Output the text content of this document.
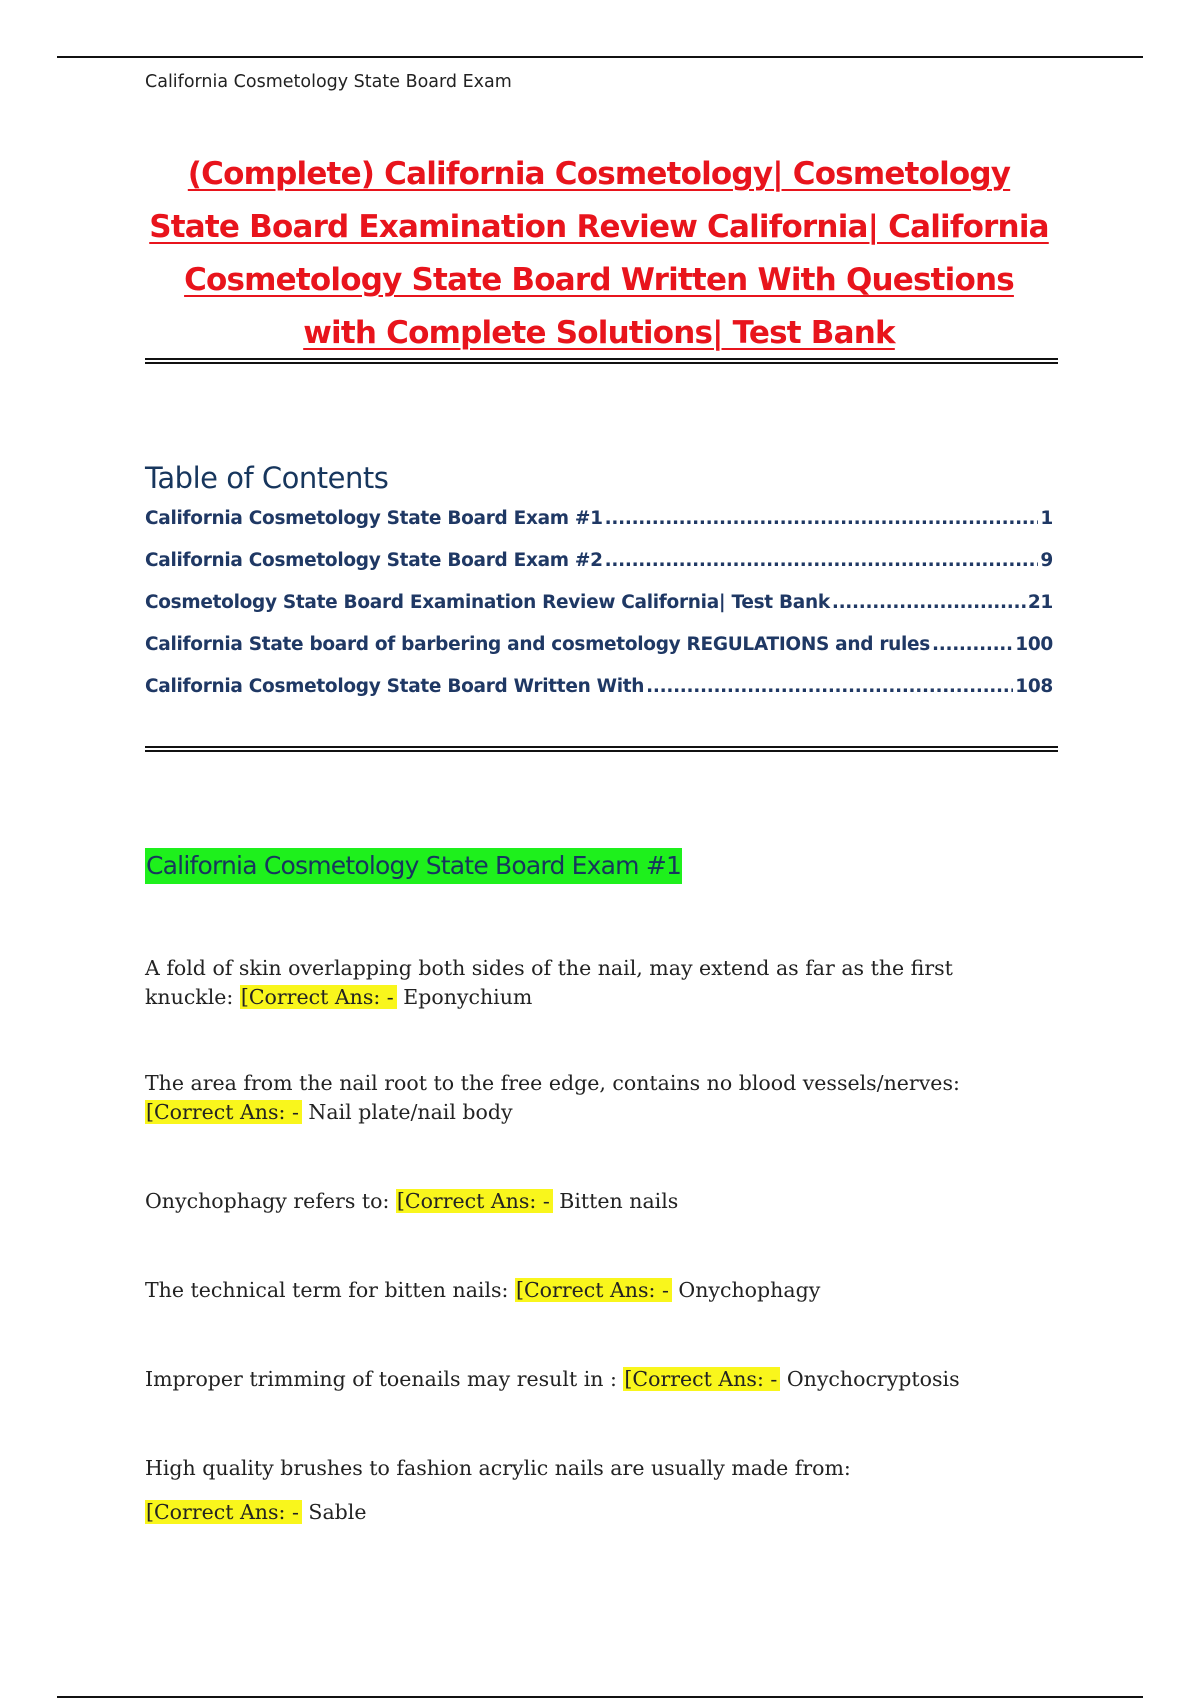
California Cosmetology State Board Exam
(Complete) California Cosmetology| Cosmetology State Board Examination Review California| California Cosmetology State Board Written With Questions with Complete Solutions| Test Bank
Table of Contents
California Cosmetology State Board Exam #1 .....	1
California Cosmetology State Board Exam #2 .....	9
Cosmetology State Board Examination Review California| Test Bank .....	21
California State board of barbering and cosmetology REGULATIONS and rules .....	100
California Cosmetology State Board Written With .....	108
California Cosmetology State Board Exam #1
A fold of skin overlapping both sides of the nail, may extend as far as the first knuckle: [Correct Ans: - Eponychium
The area from the nail root to the free edge, contains no blood vessels/nerves: [Correct Ans: - Nail plate/nail body
Onychophagy refers to: [Correct Ans: - Bitten nails
The technical term for bitten nails: [Correct Ans: - Onychophagy
Improper trimming of toenails may result in : [Correct Ans: - Onychocryptosis
High quality brushes to fashion acrylic nails are usually made from:
[Correct Ans: - Sable
